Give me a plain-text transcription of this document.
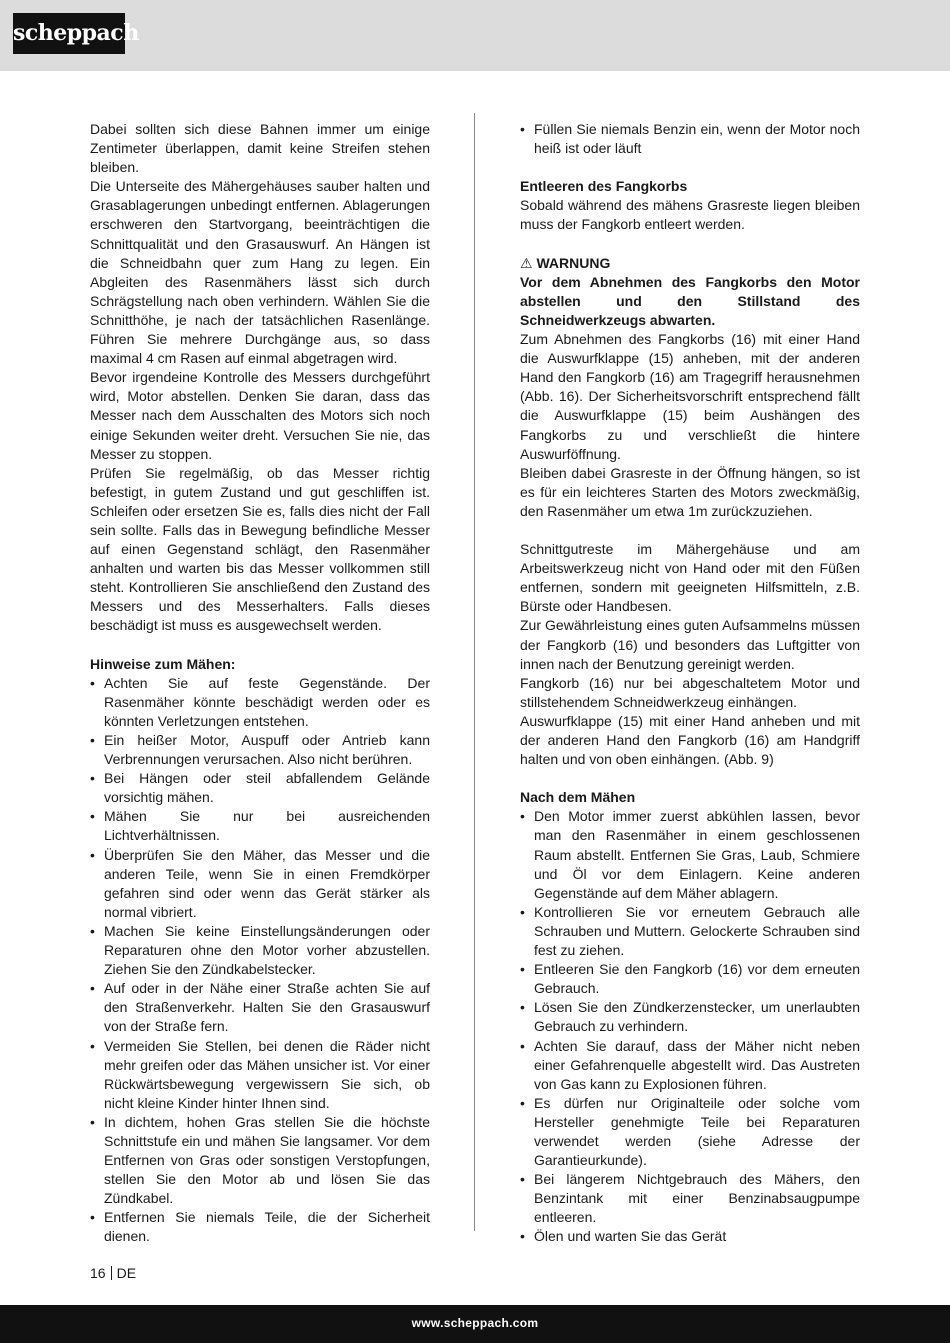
scheppach

Dabei sollten sich diese Bahnen immer um einige Zentimeter überlappen, damit keine Streifen stehen bleiben.

Die Unterseite des Mähergehäuses sauber halten und Grasablagerungen unbedingt entfernen. Ablagerungen erschweren den Startvorgang, beeinträchtigen die Schnittqualität und den Grasauswurf. An Hängen ist die Schneidbahn quer zum Hang zu legen. Ein Abgleiten des Rasenmähers lässt sich durch Schrägstellung nach oben verhindern. Wählen Sie die Schnitthöhe, je nach der tatsächlichen Rasenlänge. Führen Sie mehrere Durchgänge aus, so dass maximal 4 cm Rasen auf einmal abgetragen wird.

Bevor irgendeine Kontrolle des Messers durchgeführt wird, Motor abstellen. Denken Sie daran, dass das Messer nach dem Ausschalten des Motors sich noch einige Sekunden weiter dreht. Versuchen Sie nie, das Messer zu stoppen.

Prüfen Sie regelmäßig, ob das Messer richtig befestigt, in gutem Zustand und gut geschliffen ist. Schleifen oder ersetzen Sie es, falls dies nicht der Fall sein sollte. Falls das in Bewegung befindliche Messer auf einen Gegenstand schlägt, den Rasenmäher anhalten und warten bis das Messer vollkommen still steht. Kontrollieren Sie anschließend den Zustand des Messers und des Messerhalters. Falls dieses beschädigt ist muss es ausgewechselt werden.

Hinweise zum Mähen:

• Achten Sie auf feste Gegenstände. Der Rasenmäher könnte beschädigt werden oder es könnten Verletzungen entstehen.
• Ein heißer Motor, Auspuff oder Antrieb kann Verbrennungen verursachen. Also nicht berühren.
• Bei Hängen oder steil abfallendem Gelände vorsichtig mähen.
• Mähen Sie nur bei ausreichenden Lichtverhältnissen.
• Überprüfen Sie den Mäher, das Messer und die anderen Teile, wenn Sie in einen Fremdkörper gefahren sind oder wenn das Gerät stärker als normal vibriert.
• Machen Sie keine Einstellungsänderungen oder Reparaturen ohne den Motor vorher abzustellen. Ziehen Sie den Zündkabelstecker.
• Auf oder in der Nähe einer Straße achten Sie auf den Straßenverkehr. Halten Sie den Grasauswurf von der Straße fern.
• Vermeiden Sie Stellen, bei denen die Räder nicht mehr greifen oder das Mähen unsicher ist. Vor einer Rückwärtsbewegung vergewissern Sie sich, ob nicht kleine Kinder hinter Ihnen sind.
• In dichtem, hohen Gras stellen Sie die höchste Schnittstufe ein und mähen Sie langsamer. Vor dem Entfernen von Gras oder sonstigen Verstopfungen, stellen Sie den Motor ab und lösen Sie das Zündkabel.
• Entfernen Sie niemals Teile, die der Sicherheit dienen.
• Füllen Sie niemals Benzin ein, wenn der Motor noch heiß ist oder läuft

Entleeren des Fangkorbs

Sobald während des mähens Grasreste liegen bleiben muss der Fangkorb entleert werden.

⚠ WARNUNG

Vor dem Abnehmen des Fangkorbs den Motor abstellen und den Stillstand des Schneidwerkzeugs abwarten.

Zum Abnehmen des Fangkorbs (16) mit einer Hand die Auswurfklappe (15) anheben, mit der anderen Hand den Fangkorb (16) am Tragegriff herausnehmen (Abb. 16). Der Sicherheitsvorschrift entsprechend fällt die Auswurfklappe (15) beim Aushängen des Fangkorbs zu und verschließt die hintere Auswurföffnung.

Bleiben dabei Grasreste in der Öffnung hängen, so ist es für ein leichteres Starten des Motors zweckmäßig, den Rasenmäher um etwa 1m zurückzuziehen.

Schnittgutreste im Mähergehäuse und am Arbeitswerkzeug nicht von Hand oder mit den Füßen entfernen, sondern mit geeigneten Hilfsmitteln, z.B. Bürste oder Handbesen.

Zur Gewährleistung eines guten Aufsammelns müssen der Fangkorb (16) und besonders das Luftgitter von innen nach der Benutzung gereinigt werden.

Fangkorb (16) nur bei abgeschaltetem Motor und stillstehendem Schneidwerkzeug einhängen.

Auswurfklappe (15) mit einer Hand anheben und mit der anderen Hand den Fangkorb (16) am Handgriff halten und von oben einhängen. (Abb. 9)

Nach dem Mähen

• Den Motor immer zuerst abkühlen lassen, bevor man den Rasenmäher in einem geschlossenen Raum abstellt. Entfernen Sie Gras, Laub, Schmiere und Öl vor dem Einlagern. Keine anderen Gegenstände auf dem Mäher ablagern.
• Kontrollieren Sie vor erneutem Gebrauch alle Schrauben und Muttern. Gelockerte Schrauben sind fest zu ziehen.
• Entleeren Sie den Fangkorb (16) vor dem erneuten Gebrauch.
• Lösen Sie den Zündkerzenstecker, um unerlaubten Gebrauch zu verhindern.
• Achten Sie darauf, dass der Mäher nicht neben einer Gefahrenquelle abgestellt wird. Das Austreten von Gas kann zu Explosionen führen.
• Es dürfen nur Originalteile oder solche vom Hersteller genehmigte Teile bei Reparaturen verwendet werden (siehe Adresse der Garantieurkunde).
• Bei längerem Nichtgebrauch des Mähers, den Benzintank mit einer Benzinabsaugpumpe entleeren.
• Ölen und warten Sie das Gerät
16 DE
www.scheppach.com
